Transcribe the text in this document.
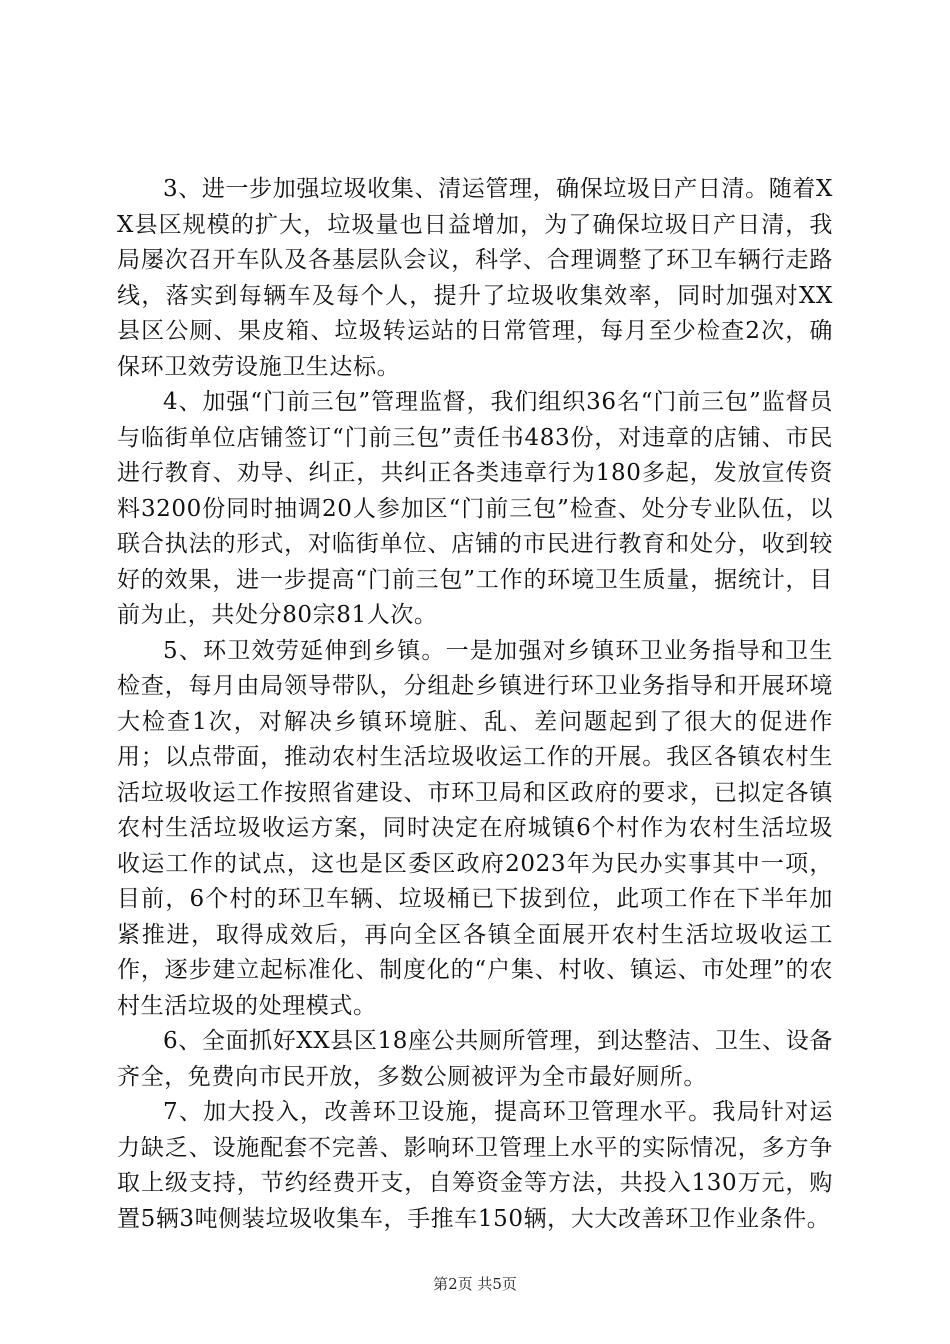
3、进一步加强垃圾收集、清运管理，确保垃圾日产日清。随着XX县区规模的扩大，垃圾量也日益增加，为了确保垃圾日产日清，我局屡次召开车队及各基层队会议，科学、合理调整了环卫车辆行走路线，落实到每辆车及每个人，提升了垃圾收集效率，同时加强对XX县区公厕、果皮箱、垃圾转运站的日常管理，每月至少检查2次，确保环卫效劳设施卫生达标。

4、加强“门前三包”管理监督，我们组织36名“门前三包”监督员与临街单位店铺签订“门前三包”责任书483份，对违章的店铺、市民进行教育、劝导、纠正，共纠正各类违章行为180多起，发放宣传资料3200份同时抽调20人参加区“门前三包”检查、处分专业队伍，以联合执法的形式，对临街单位、店铺的市民进行教育和处分，收到较好的效果，进一步提高“门前三包”工作的环境卫生质量，据统计，目前为止，共处分80宗81人次。

5、环卫效劳延伸到乡镇。一是加强对乡镇环卫业务指导和卫生检查，每月由局领导带队，分组赴乡镇进行环卫业务指导和开展环境大检查1次，对解决乡镇环境脏、乱、差问题起到了很大的促进作用；以点带面，推动农村生活垃圾收运工作的开展。我区各镇农村生活垃圾收运工作按照省建设、市环卫局和区政府的要求，已拟定各镇农村生活垃圾收运方案，同时决定在府城镇6个村作为农村生活垃圾收运工作的试点，这也是区委区政府2023年为民办实事其中一项，目前，6个村的环卫车辆、垃圾桶已下拔到位，此项工作在下半年加紧推进，取得成效后，再向全区各镇全面展开农村生活垃圾收运工作，逐步建立起标准化、制度化的“户集、村收、镇运、市处理”的农村生活垃圾的处理模式。

6、全面抓好XX县区18座公共厕所管理，到达整洁、卫生、设备齐全，免费向市民开放，多数公厕被评为全市最好厕所。

7、加大投入，改善环卫设施，提高环卫管理水平。我局针对运力缺乏、设施配套不完善、影响环卫管理上水平的实际情况，多方争取上级支持，节约经费开支，自筹资金等方法，共投入130万元，购置5辆3吨侧装垃圾收集车，手推车150辆，大大改善环卫作业条件。

第2页 共5页
